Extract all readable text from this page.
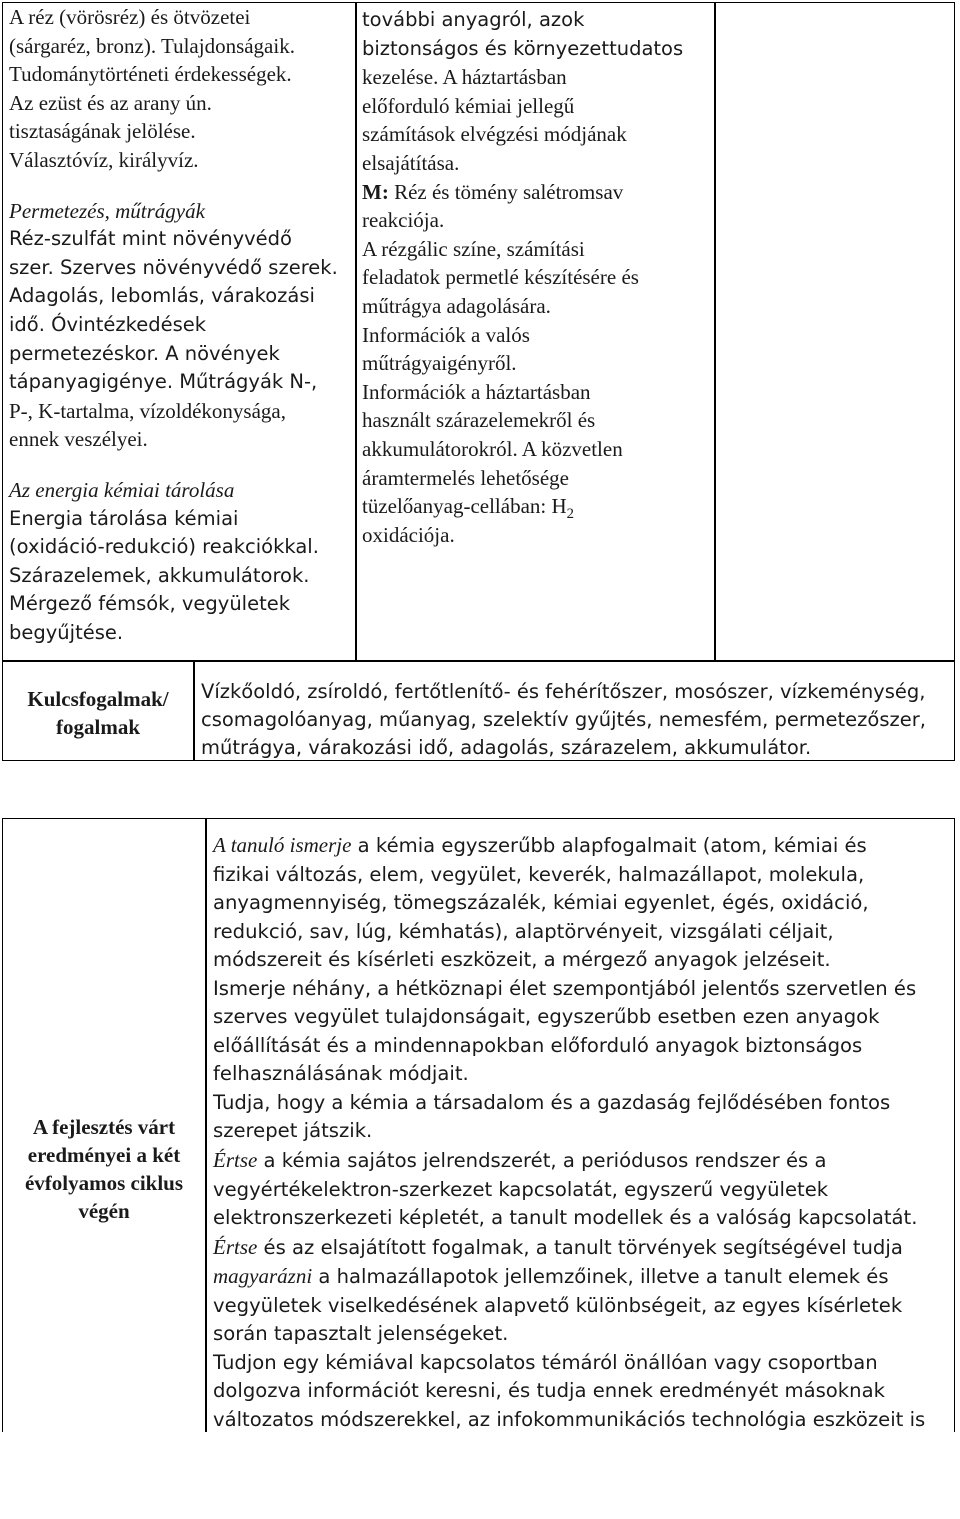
A réz (vörösréz) és ötvözetei
(sárgaréz, bronz). Tulajdonságaik.
Tudománytörténeti érdekességek.
Az ezüst és az arany ún.
tisztaságának jelölése.
Választóvíz, királyvíz.
Permetezés, műtrágyák
Réz-szulfát mint növényvédő
szer. Szerves növényvédő szerek.
Adagolás, lebomlás, várakozási
idő. Óvintézkedések
permetezéskor. A növények
tápanyagigénye. Műtrágyák N-,
P-, K-tartalma, vízoldékonysága,
ennek veszélyei.
Az energia kémiai tárolása
Energia tárolása kémiai
(oxidáció-redukció) reakciókkal.
Szárazelemek, akkumulátorok.
Mérgező fémsók, vegyületek
begyűjtése.
további anyagról, azok
biztonságos és környezettudatos
kezelése. A háztartásban
előforduló kémiai jellegű
számítások elvégzési módjának
elsajátítása.
M: Réz és tömény salétromsav
reakciója.
A rézgálic színe, számítási
feladatok permetlé készítésére és
műtrágya adagolására.
Információk a valós
műtrágyaigényről.
Információk a háztartásban
használt szárazelemekről és
akkumulátorokról. A közvetlen
áramtermelés lehetősége
tüzelőanyag-cellában: $H_2$
oxidációja.
Kulcsfogalmak/
fogalmak
Vízkőoldó, zsíroldó, fertőtlenítő- és fehérítőszer, mosószer, vízkeménység,
csomagolóanyag, műanyag, szelektív gyűjtés, nemesfém, permetezőszer,
műtrágya, várakozási idő, adagolás, szárazelem, akkumulátor.
A fejlesztés várt
eredményei a két
évfolyamos ciklus
végén
A tanuló ismerje a kémia egyszerűbb alapfogalmait (atom, kémiai és
fizikai változás, elem, vegyület, keverék, halmazállapot, molekula,
anyagmennyiség, tömegszázalék, kémiai egyenlet, égés, oxidáció,
redukció, sav, lúg, kémhatás), alaptörvényeit, vizsgálati céljait,
módszereit és kísérleti eszközeit, a mérgező anyagok jelzéseit.
Ismerje néhány, a hétköznapi élet szempontjából jelentős szervetlen és
szerves vegyület tulajdonságait, egyszerűbb esetben ezen anyagok
előállítását és a mindennapokban előforduló anyagok biztonságos
felhasználásának módjait.
Tudja, hogy a kémia a társadalom és a gazdaság fejlődésében fontos
szerepet játszik.
Értse a kémia sajátos jelrendszerét, a periódusos rendszer és a
vegyértékelektron-szerkezet kapcsolatát, egyszerű vegyületek
elektronszerkezeti képletét, a tanult modellek és a valóság kapcsolatát.
Értse és az elsajátított fogalmak, a tanult törvények segítségével tudja
magyarázni a halmazállapotok jellemzőinek, illetve a tanult elemek és
vegyületek viselkedésének alapvető különbségeit, az egyes kísérletek
során tapasztalt jelenségeket.
Tudjon egy kémiával kapcsolatos témáról önállóan vagy csoportban
dolgozva információt keresni, és tudja ennek eredményét másoknak
változatos módszerekkel, az infokommunikációs technológia eszközeit is
